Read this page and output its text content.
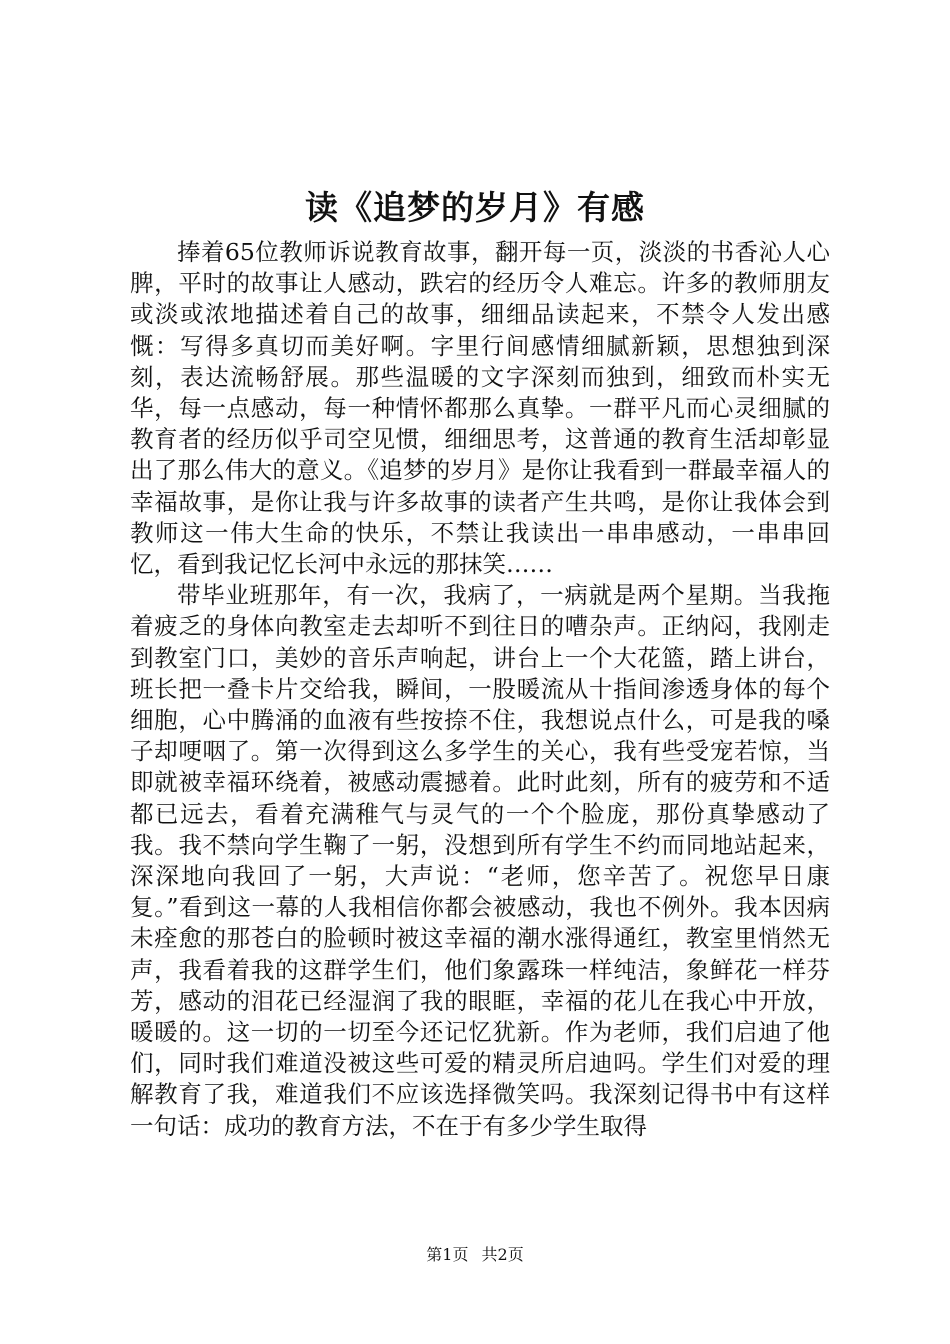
读《追梦的岁月》有感

捧着65位教师诉说教育故事，翻开每一页，淡淡的书香沁人心脾，平时的故事让人感动，跌宕的经历令人难忘。许多的教师朋友或淡或浓地描述着自己的故事，细细品读起来，不禁令人发出感慨：写得多真切而美好啊。字里行间感情细腻新颖，思想独到深刻，表达流畅舒展。那些温暖的文字深刻而独到，细致而朴实无华，每一点感动，每一种情怀都那么真挚。一群平凡而心灵细腻的教育者的经历似乎司空见惯，细细思考，这普通的教育生活却彰显出了那么伟大的意义。《追梦的岁月》是你让我看到一群最幸福人的幸福故事，是你让我与许多故事的读者产生共鸣，是你让我体会到教师这一伟大生命的快乐，不禁让我读出一串串感动，一串串回忆，看到我记忆长河中永远的那抹笑……

带毕业班那年，有一次，我病了，一病就是两个星期。当我拖着疲乏的身体向教室走去却听不到往日的嘈杂声。正纳闷，我刚走到教室门口，美妙的音乐声响起，讲台上一个大花篮，踏上讲台，班长把一叠卡片交给我，瞬间，一股暖流从十指间渗透身体的每个细胞，心中腾涌的血液有些按捺不住，我想说点什么，可是我的嗓子却哽咽了。第一次得到这么多学生的关心，我有些受宠若惊，当即就被幸福环绕着，被感动震撼着。此时此刻，所有的疲劳和不适都已远去，看着充满稚气与灵气的一个个脸庞，那份真挚感动了我。我不禁向学生鞠了一躬，没想到所有学生不约而同地站起来，深深地向我回了一躬，大声说：“老师，您辛苦了。祝您早日康复。”看到这一幕的人我相信你都会被感动，我也不例外。我本因病未痊愈的那苍白的脸顿时被这幸福的潮水涨得通红，教室里悄然无声，我看着我的这群学生们，他们象露珠一样纯洁，象鲜花一样芬芳，感动的泪花已经湿润了我的眼眶，幸福的花儿在我心中开放，暖暖的。这一切的一切至今还记忆犹新。作为老师，我们启迪了他们，同时我们难道没被这些可爱的精灵所启迪吗。学生们对爱的理解教育了我，难道我们不应该选择微笑吗。我深刻记得书中有这样一句话：成功的教育方法，不在于有多少学生取得

第1页 共2页
